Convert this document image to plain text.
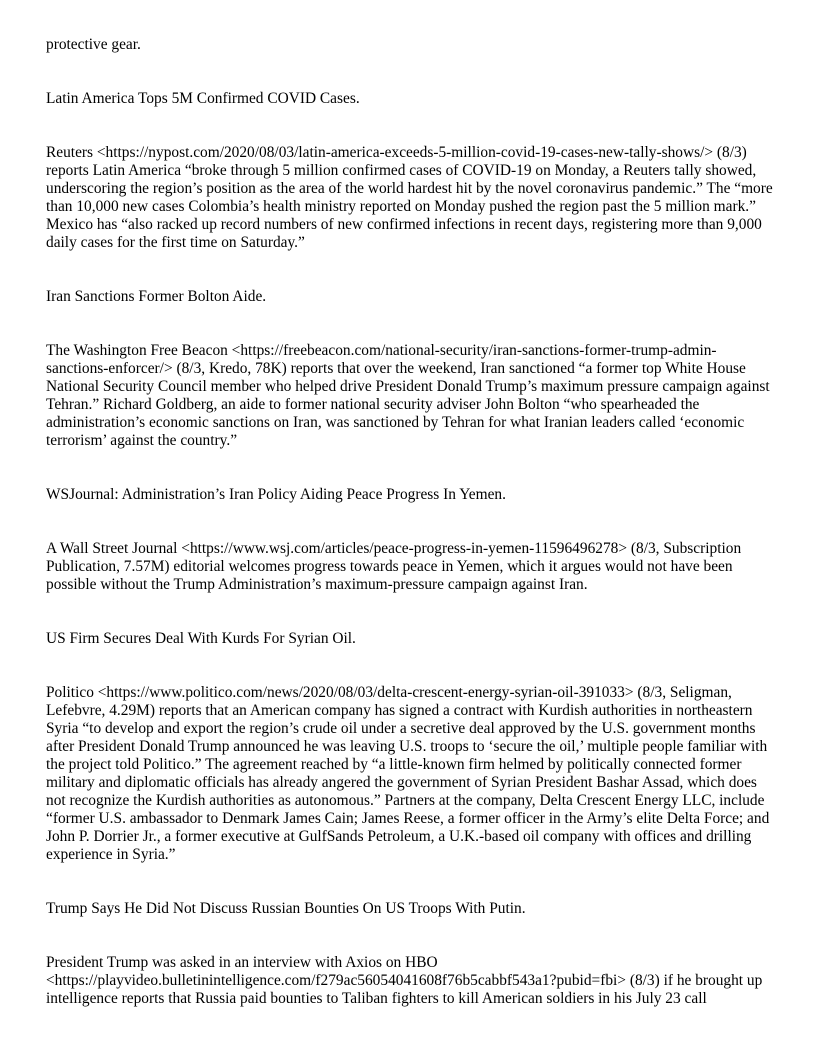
protective gear.

Latin America Tops 5M Confirmed COVID Cases.

Reuters <https://nypost.com/2020/08/03/latin-america-exceeds-5-million-covid-19-cases-new-tally-shows/> (8/3) reports Latin America “broke through 5 million confirmed cases of COVID-19 on Monday, a Reuters tally showed, underscoring the region’s position as the area of the world hardest hit by the novel coronavirus pandemic.” The “more than 10,000 new cases Colombia’s health ministry reported on Monday pushed the region past the 5 million mark.” Mexico has “also racked up record numbers of new confirmed infections in recent days, registering more than 9,000 daily cases for the first time on Saturday.”

Iran Sanctions Former Bolton Aide.

The Washington Free Beacon <https://freebeacon.com/national-security/iran-sanctions-former-trump-admin-sanctions-enforcer/> (8/3, Kredo, 78K) reports that over the weekend, Iran sanctioned “a former top White House National Security Council member who helped drive President Donald Trump’s maximum pressure campaign against Tehran.” Richard Goldberg, an aide to former national security adviser John Bolton “who spearheaded the administration’s economic sanctions on Iran, was sanctioned by Tehran for what Iranian leaders called ‘economic terrorism’ against the country.”

WSJournal: Administration’s Iran Policy Aiding Peace Progress In Yemen.

A Wall Street Journal <https://www.wsj.com/articles/peace-progress-in-yemen-11596496278> (8/3, Subscription Publication, 7.57M) editorial welcomes progress towards peace in Yemen, which it argues would not have been possible without the Trump Administration’s maximum-pressure campaign against Iran.

US Firm Secures Deal With Kurds For Syrian Oil.

Politico <https://www.politico.com/news/2020/08/03/delta-crescent-energy-syrian-oil-391033> (8/3, Seligman, Lefebvre, 4.29M) reports that an American company has signed a contract with Kurdish authorities in northeastern Syria “to develop and export the region’s crude oil under a secretive deal approved by the U.S. government months after President Donald Trump announced he was leaving U.S. troops to ‘secure the oil,’ multiple people familiar with the project told Politico.” The agreement reached by “a little-known firm helmed by politically connected former military and diplomatic officials has already angered the government of Syrian President Bashar Assad, which does not recognize the Kurdish authorities as autonomous.” Partners at the company, Delta Crescent Energy LLC, include “former U.S. ambassador to Denmark James Cain; James Reese, a former officer in the Army’s elite Delta Force; and John P. Dorrier Jr., a former executive at GulfSands Petroleum, a U.K.-based oil company with offices and drilling experience in Syria.”

Trump Says He Did Not Discuss Russian Bounties On US Troops With Putin.

President Trump was asked in an interview with Axios on HBO <https://playvideo.bulletinintelligence.com/f279ac56054041608f76b5cabbf543a1?pubid=fbi> (8/3) if he brought up intelligence reports that Russia paid bounties to Taliban fighters to kill American soldiers in his July 23 call
